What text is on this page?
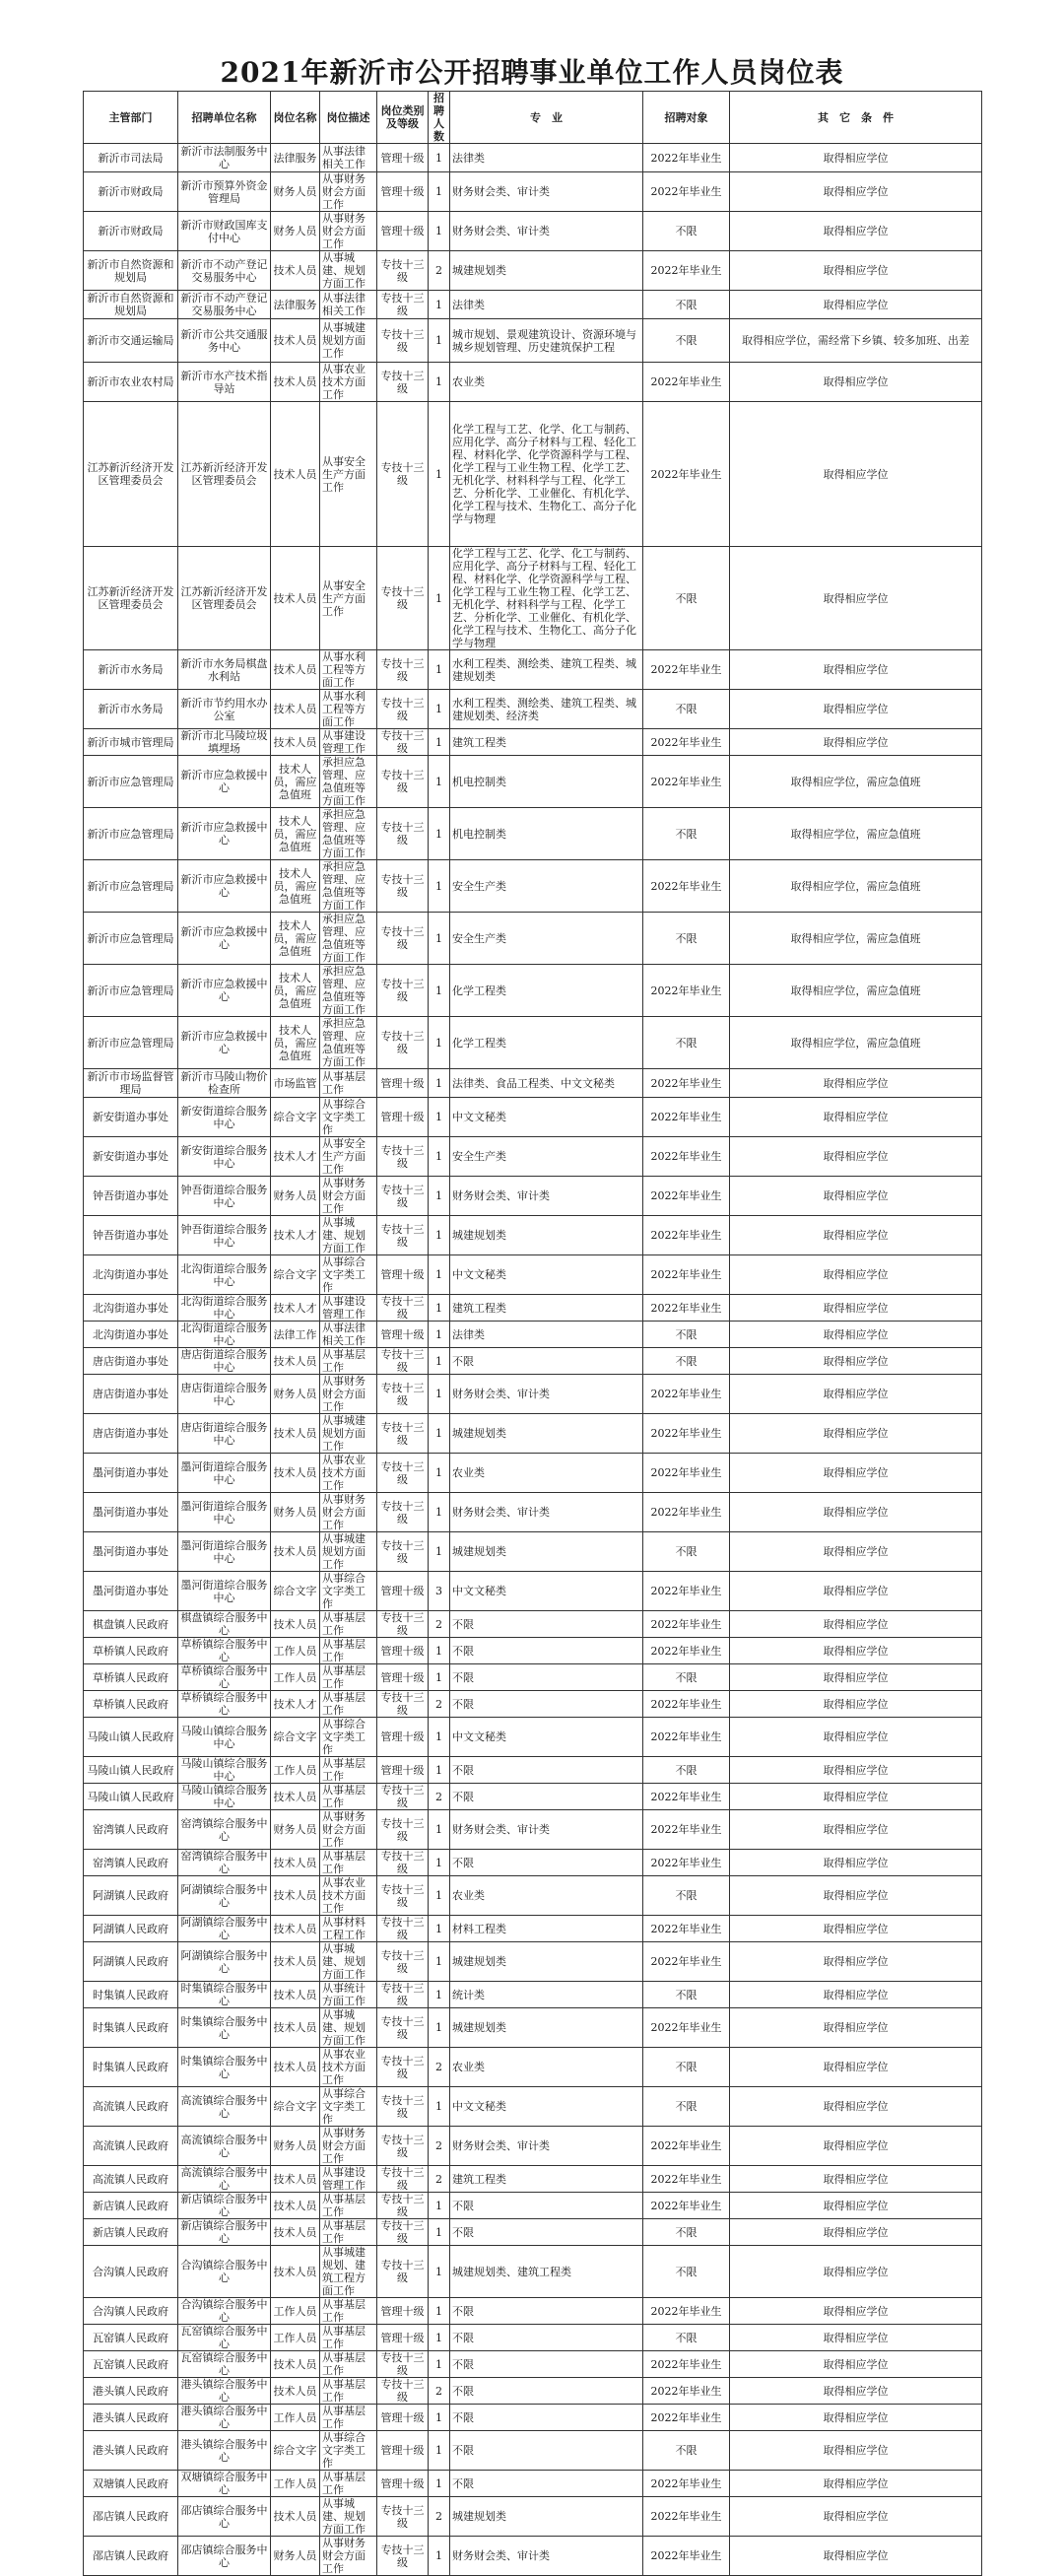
2021年新沂市公开招聘事业单位工作人员岗位表
主管部门	招聘单位名称	岗位名称	岗位描述	岗位类别及等级	招聘人数	专　业	招聘对象	其　它　条　件
新沂市司法局	新沂市法制服务中心	法律服务	从事法律相关工作	管理十级	1	法律类	2022年毕业生	取得相应学位
新沂市财政局	新沂市预算外资金管理局	财务人员	从事财务财会方面工作	管理十级	1	财务财会类、审计类	2022年毕业生	取得相应学位
新沂市财政局	新沂市财政国库支付中心	财务人员	从事财务财会方面工作	管理十级	1	财务财会类、审计类	不限	取得相应学位
新沂市自然资源和规划局	新沂市不动产登记交易服务中心	技术人员	从事城建、规划方面工作	专技十三级	2	城建规划类	2022年毕业生	取得相应学位
新沂市自然资源和规划局	新沂市不动产登记交易服务中心	法律服务	从事法律相关工作	专技十三级	1	法律类	不限	取得相应学位
新沂市交通运输局	新沂市公共交通服务中心	技术人员	从事城建规划方面工作	专技十三级	1	城市规划、景观建筑设计、资源环境与城乡规划管理、历史建筑保护工程	不限	取得相应学位，需经常下乡镇、较多加班、出差
新沂市农业农村局	新沂市水产技术指导站	技术人员	从事农业技术方面工作	专技十三级	1	农业类	2022年毕业生	取得相应学位
江苏新沂经济开发区管理委员会	江苏新沂经济开发区管理委员会	技术人员	从事安全生产方面工作	专技十三级	1	化学工程与工艺、化学、化工与制药、应用化学、高分子材料与工程、轻化工程、材料化学、化学资源科学与工程、化学工程与工业生物工程、化学工艺、无机化学、材料科学与工程、化学工艺、分析化学、工业催化、有机化学、化学工程与技术、生物化工、高分子化学与物理	2022年毕业生	取得相应学位
江苏新沂经济开发区管理委员会	江苏新沂经济开发区管理委员会	技术人员	从事安全生产方面工作	专技十三级	1	化学工程与工艺、化学、化工与制药、应用化学、高分子材料与工程、轻化工程、材料化学、化学资源科学与工程、化学工程与工业生物工程、化学工艺、无机化学、材料科学与工程、化学工艺、分析化学、工业催化、有机化学、化学工程与技术、生物化工、高分子化学与物理	不限	取得相应学位
新沂市水务局	新沂市水务局棋盘水利站	技术人员	从事水利工程等方面工作	专技十三级	1	水利工程类、测绘类、建筑工程类、城建规划类	2022年毕业生	取得相应学位
新沂市水务局	新沂市节约用水办公室	技术人员	从事水利工程等方面工作	专技十三级	1	水利工程类、测绘类、建筑工程类、城建规划类、经济类	不限	取得相应学位
新沂市城市管理局	新沂市北马陵垃圾填埋场	技术人员	从事建设管理工作	专技十三级	1	建筑工程类	2022年毕业生	取得相应学位
新沂市应急管理局	新沂市应急救援中心	技术人员，需应急值班	承担应急管理、应急值班等方面工作	专技十三级	1	机电控制类	2022年毕业生	取得相应学位，需应急值班
新沂市应急管理局	新沂市应急救援中心	技术人员，需应急值班	承担应急管理、应急值班等方面工作	专技十三级	1	机电控制类	不限	取得相应学位，需应急值班
新沂市应急管理局	新沂市应急救援中心	技术人员，需应急值班	承担应急管理、应急值班等方面工作	专技十三级	1	安全生产类	2022年毕业生	取得相应学位，需应急值班
新沂市应急管理局	新沂市应急救援中心	技术人员，需应急值班	承担应急管理、应急值班等方面工作	专技十三级	1	安全生产类	不限	取得相应学位，需应急值班
新沂市应急管理局	新沂市应急救援中心	技术人员，需应急值班	承担应急管理、应急值班等方面工作	专技十三级	1	化学工程类	2022年毕业生	取得相应学位，需应急值班
新沂市应急管理局	新沂市应急救援中心	技术人员，需应急值班	承担应急管理、应急值班等方面工作	专技十三级	1	化学工程类	不限	取得相应学位，需应急值班
新沂市市场监督管理局	新沂市马陵山物价检查所	市场监管	从事基层工作	管理十级	1	法律类、食品工程类、中文文秘类	2022年毕业生	取得相应学位
新安街道办事处	新安街道综合服务中心	综合文字	从事综合文字类工作	管理十级	1	中文文秘类	2022年毕业生	取得相应学位
新安街道办事处	新安街道综合服务中心	技术人才	从事安全生产方面工作	专技十三级	1	安全生产类	2022年毕业生	取得相应学位
钟吾街道办事处	钟吾街道综合服务中心	财务人员	从事财务财会方面工作	专技十三级	1	财务财会类、审计类	2022年毕业生	取得相应学位
钟吾街道办事处	钟吾街道综合服务中心	技术人才	从事城建、规划方面工作	专技十三级	1	城建规划类	2022年毕业生	取得相应学位
北沟街道办事处	北沟街道综合服务中心	综合文字	从事综合文字类工作	管理十级	1	中文文秘类	2022年毕业生	取得相应学位
北沟街道办事处	北沟街道综合服务中心	技术人才	从事建设管理工作	专技十三级	1	建筑工程类	2022年毕业生	取得相应学位
北沟街道办事处	北沟街道综合服务中心	法律工作	从事法律相关工作	管理十级	1	法律类	不限	取得相应学位
唐店街道办事处	唐店街道综合服务中心	技术人员	从事基层工作	专技十三级	1	不限	不限	取得相应学位
唐店街道办事处	唐店街道综合服务中心	财务人员	从事财务财会方面工作	专技十三级	1	财务财会类、审计类	2022年毕业生	取得相应学位
唐店街道办事处	唐店街道综合服务中心	技术人员	从事城建规划方面工作	专技十三级	1	城建规划类	2022年毕业生	取得相应学位
墨河街道办事处	墨河街道综合服务中心	技术人员	从事农业技术方面工作	专技十三级	1	农业类	2022年毕业生	取得相应学位
墨河街道办事处	墨河街道综合服务中心	财务人员	从事财务财会方面工作	专技十三级	1	财务财会类、审计类	2022年毕业生	取得相应学位
墨河街道办事处	墨河街道综合服务中心	技术人员	从事城建规划方面工作	专技十三级	1	城建规划类	不限	取得相应学位
墨河街道办事处	墨河街道综合服务中心	综合文字	从事综合文字类工作	管理十级	3	中文文秘类	2022年毕业生	取得相应学位
棋盘镇人民政府	棋盘镇综合服务中心	技术人员	从事基层工作	专技十三级	2	不限	2022年毕业生	取得相应学位
草桥镇人民政府	草桥镇综合服务中心	工作人员	从事基层工作	管理十级	1	不限	2022年毕业生	取得相应学位
草桥镇人民政府	草桥镇综合服务中心	工作人员	从事基层工作	管理十级	1	不限	不限	取得相应学位
草桥镇人民政府	草桥镇综合服务中心	技术人才	从事基层工作	专技十三级	2	不限	2022年毕业生	取得相应学位
马陵山镇人民政府	马陵山镇综合服务中心	综合文字	从事综合文字类工作	管理十级	1	中文文秘类	2022年毕业生	取得相应学位
马陵山镇人民政府	马陵山镇综合服务中心	工作人员	从事基层工作	管理十级	1	不限	不限	取得相应学位
马陵山镇人民政府	马陵山镇综合服务中心	技术人员	从事基层工作	专技十三级	2	不限	2022年毕业生	取得相应学位
窑湾镇人民政府	窑湾镇综合服务中心	财务人员	从事财务财会方面工作	专技十三级	1	财务财会类、审计类	2022年毕业生	取得相应学位
窑湾镇人民政府	窑湾镇综合服务中心	技术人员	从事基层工作	专技十三级	1	不限	2022年毕业生	取得相应学位
阿湖镇人民政府	阿湖镇综合服务中心	技术人员	从事农业技术方面工作	专技十三级	1	农业类	不限	取得相应学位
阿湖镇人民政府	阿湖镇综合服务中心	技术人员	从事材料工程工作	专技十三级	1	材料工程类	2022年毕业生	取得相应学位
阿湖镇人民政府	阿湖镇综合服务中心	技术人员	从事城建、规划方面工作	专技十三级	1	城建规划类	2022年毕业生	取得相应学位
时集镇人民政府	时集镇综合服务中心	技术人员	从事统计方面工作	专技十三级	1	统计类	不限	取得相应学位
时集镇人民政府	时集镇综合服务中心	技术人员	从事城建、规划方面工作	专技十三级	1	城建规划类	2022年毕业生	取得相应学位
时集镇人民政府	时集镇综合服务中心	技术人员	从事农业技术方面工作	专技十三级	2	农业类	不限	取得相应学位
高流镇人民政府	高流镇综合服务中心	综合文字	从事综合文字类工作	专技十三级	1	中文文秘类	不限	取得相应学位
高流镇人民政府	高流镇综合服务中心	财务人员	从事财务财会方面工作	专技十三级	2	财务财会类、审计类	2022年毕业生	取得相应学位
高流镇人民政府	高流镇综合服务中心	技术人员	从事建设管理工作	专技十三级	2	建筑工程类	2022年毕业生	取得相应学位
新店镇人民政府	新店镇综合服务中心	技术人员	从事基层工作	专技十三级	1	不限	2022年毕业生	取得相应学位
新店镇人民政府	新店镇综合服务中心	技术人员	从事基层工作	专技十三级	1	不限	不限	取得相应学位
合沟镇人民政府	合沟镇综合服务中心	技术人员	从事城建规划、建筑工程方面工作	专技十三级	1	城建规划类、建筑工程类	不限	取得相应学位
合沟镇人民政府	合沟镇综合服务中心	工作人员	从事基层工作	管理十级	1	不限	2022年毕业生	取得相应学位
瓦窑镇人民政府	瓦窑镇综合服务中心	工作人员	从事基层工作	管理十级	1	不限	不限	取得相应学位
瓦窑镇人民政府	瓦窑镇综合服务中心	技术人员	从事基层工作	专技十三级	1	不限	2022年毕业生	取得相应学位
港头镇人民政府	港头镇综合服务中心	技术人员	从事基层工作	专技十三级	2	不限	2022年毕业生	取得相应学位
港头镇人民政府	港头镇综合服务中心	工作人员	从事基层工作	管理十级	1	不限	2022年毕业生	取得相应学位
港头镇人民政府	港头镇综合服务中心	综合文字	从事综合文字类工作	管理十级	1	不限	不限	取得相应学位
双塘镇人民政府	双塘镇综合服务中心	工作人员	从事基层工作	管理十级	1	不限	2022年毕业生	取得相应学位
邵店镇人民政府	邵店镇综合服务中心	技术人员	从事城建、规划方面工作	专技十三级	2	城建规划类	2022年毕业生	取得相应学位
邵店镇人民政府	邵店镇综合服务中心	财务人员	从事财务财会方面工作	专技十三级	1	财务财会类、审计类	2022年毕业生	取得相应学位
